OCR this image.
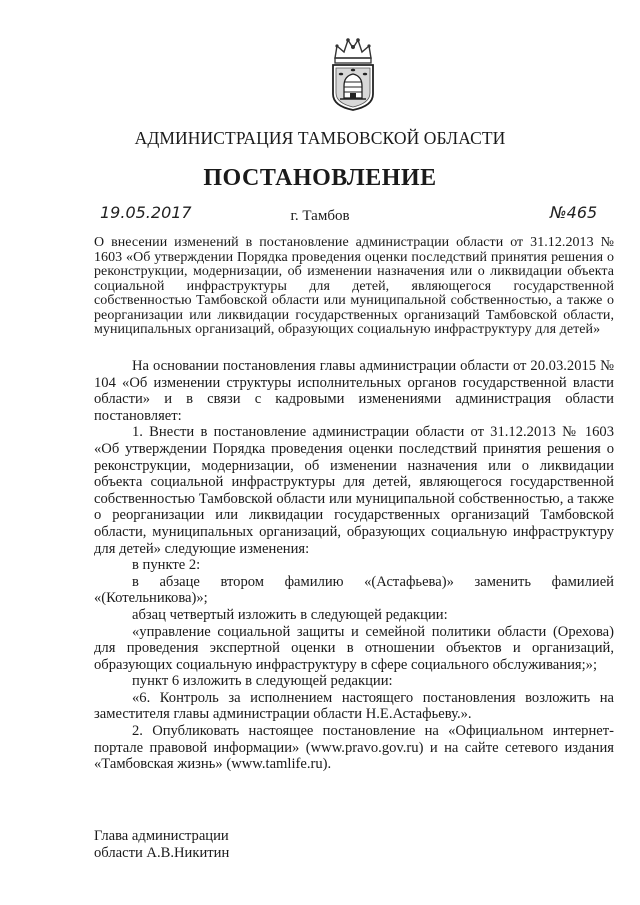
АДМИНИСТРАЦИЯ ТАМБОВСКОЙ ОБЛАСТИ
ПОСТАНОВЛЕНИЕ
19.05.2017	г. Тамбов	№465

О внесении изменений в постановление администрации области от 31.12.2013 № 1603 «Об утверждении Порядка проведения оценки последствий принятия решения о реконструкции, модернизации, об изменении назначения или о ликвидации объекта социальной инфраструктуры для детей, являющегося государственной собственностью Тамбовской области или муниципальной собственностью, а также о реорганизации или ликвидации государственных организаций Тамбовской области, муниципальных организаций, образующих социальную инфраструктуру для детей»

На основании постановления главы администрации области от 20.03.2015 № 104 «Об изменении структуры исполнительных органов государственной власти области» и в связи с кадровыми изменениями администрация области постановляет:

1. Внести в постановление администрации области от 31.12.2013 № 1603 «Об утверждении Порядка проведения оценки последствий принятия решения о реконструкции, модернизации, об изменении назначения или о ликвидации объекта социальной инфраструктуры для детей, являющегося государственной собственностью Тамбовской области или муниципальной собственностью, а также о реорганизации или ликвидации государственных организаций Тамбовской области, муниципальных организаций, образующих социальную инфраструктуру для детей» следующие изменения:

в пункте 2:

в абзаце втором фамилию «(Астафьева)» заменить фамилией «(Котельникова)»;

абзац четвертый изложить в следующей редакции:

«управление социальной защиты и семейной политики области (Орехова) для проведения экспертной оценки в отношении объектов и организаций, образующих социальную инфраструктуру в сфере социального обслуживания;»;

пункт 6 изложить в следующей редакции:

«6. Контроль за исполнением настоящего постановления возложить на заместителя главы администрации области Н.Е.Астафьеву.».

2. Опубликовать настоящее постановление на «Официальном интернет-портале правовой информации» (www.pravo.gov.ru) и на сайте сетевого издания «Тамбовская жизнь» (www.tamlife.ru).

Глава администрации
области А.В.Никитин
